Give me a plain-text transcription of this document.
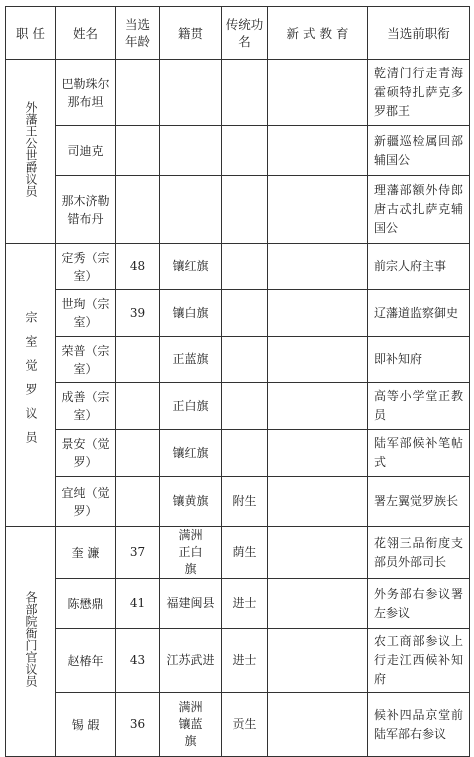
职 任	姓名	当选年龄	籍贯	传统功名	新 式 教 育	当选前职衔
外藩王公世爵议员	巴勒珠尔那布坦					乾清门行走青海霍硕特扎萨克多罗郡王
	司迪克					新疆巡检属回部辅国公
	那木济勒错布丹					理藩部额外侍郎唐古忒扎萨克辅国公
宗室觉罗议员	定秀（宗室）	48	镶红旗			前宗人府主事
	世珣（宗室）	39	镶白旗			辽藩道监察御史
	荣普（宗室）		正蓝旗			即补知府
	成善（宗室）		正白旗			高等小学堂正教员
	景安（觉罗）		镶红旗			陆军部候补笔帖式
	宜纯（觉罗）		镶黄旗	附生		署左翼觉罗族长
各部院衙门官议员	奎 濂	37	满洲正白旗	荫生		花翎三品衔度支部员外部司长
	陈懋鼎	41	福建闽县	进士		外务部右参议署左参议
	赵椿年	43	江苏武进	进士		农工商部参议上行走江西候补知府
	锡 嘏	36	满洲镶蓝旗	贡生		候补四品京堂前陆军部右参议
